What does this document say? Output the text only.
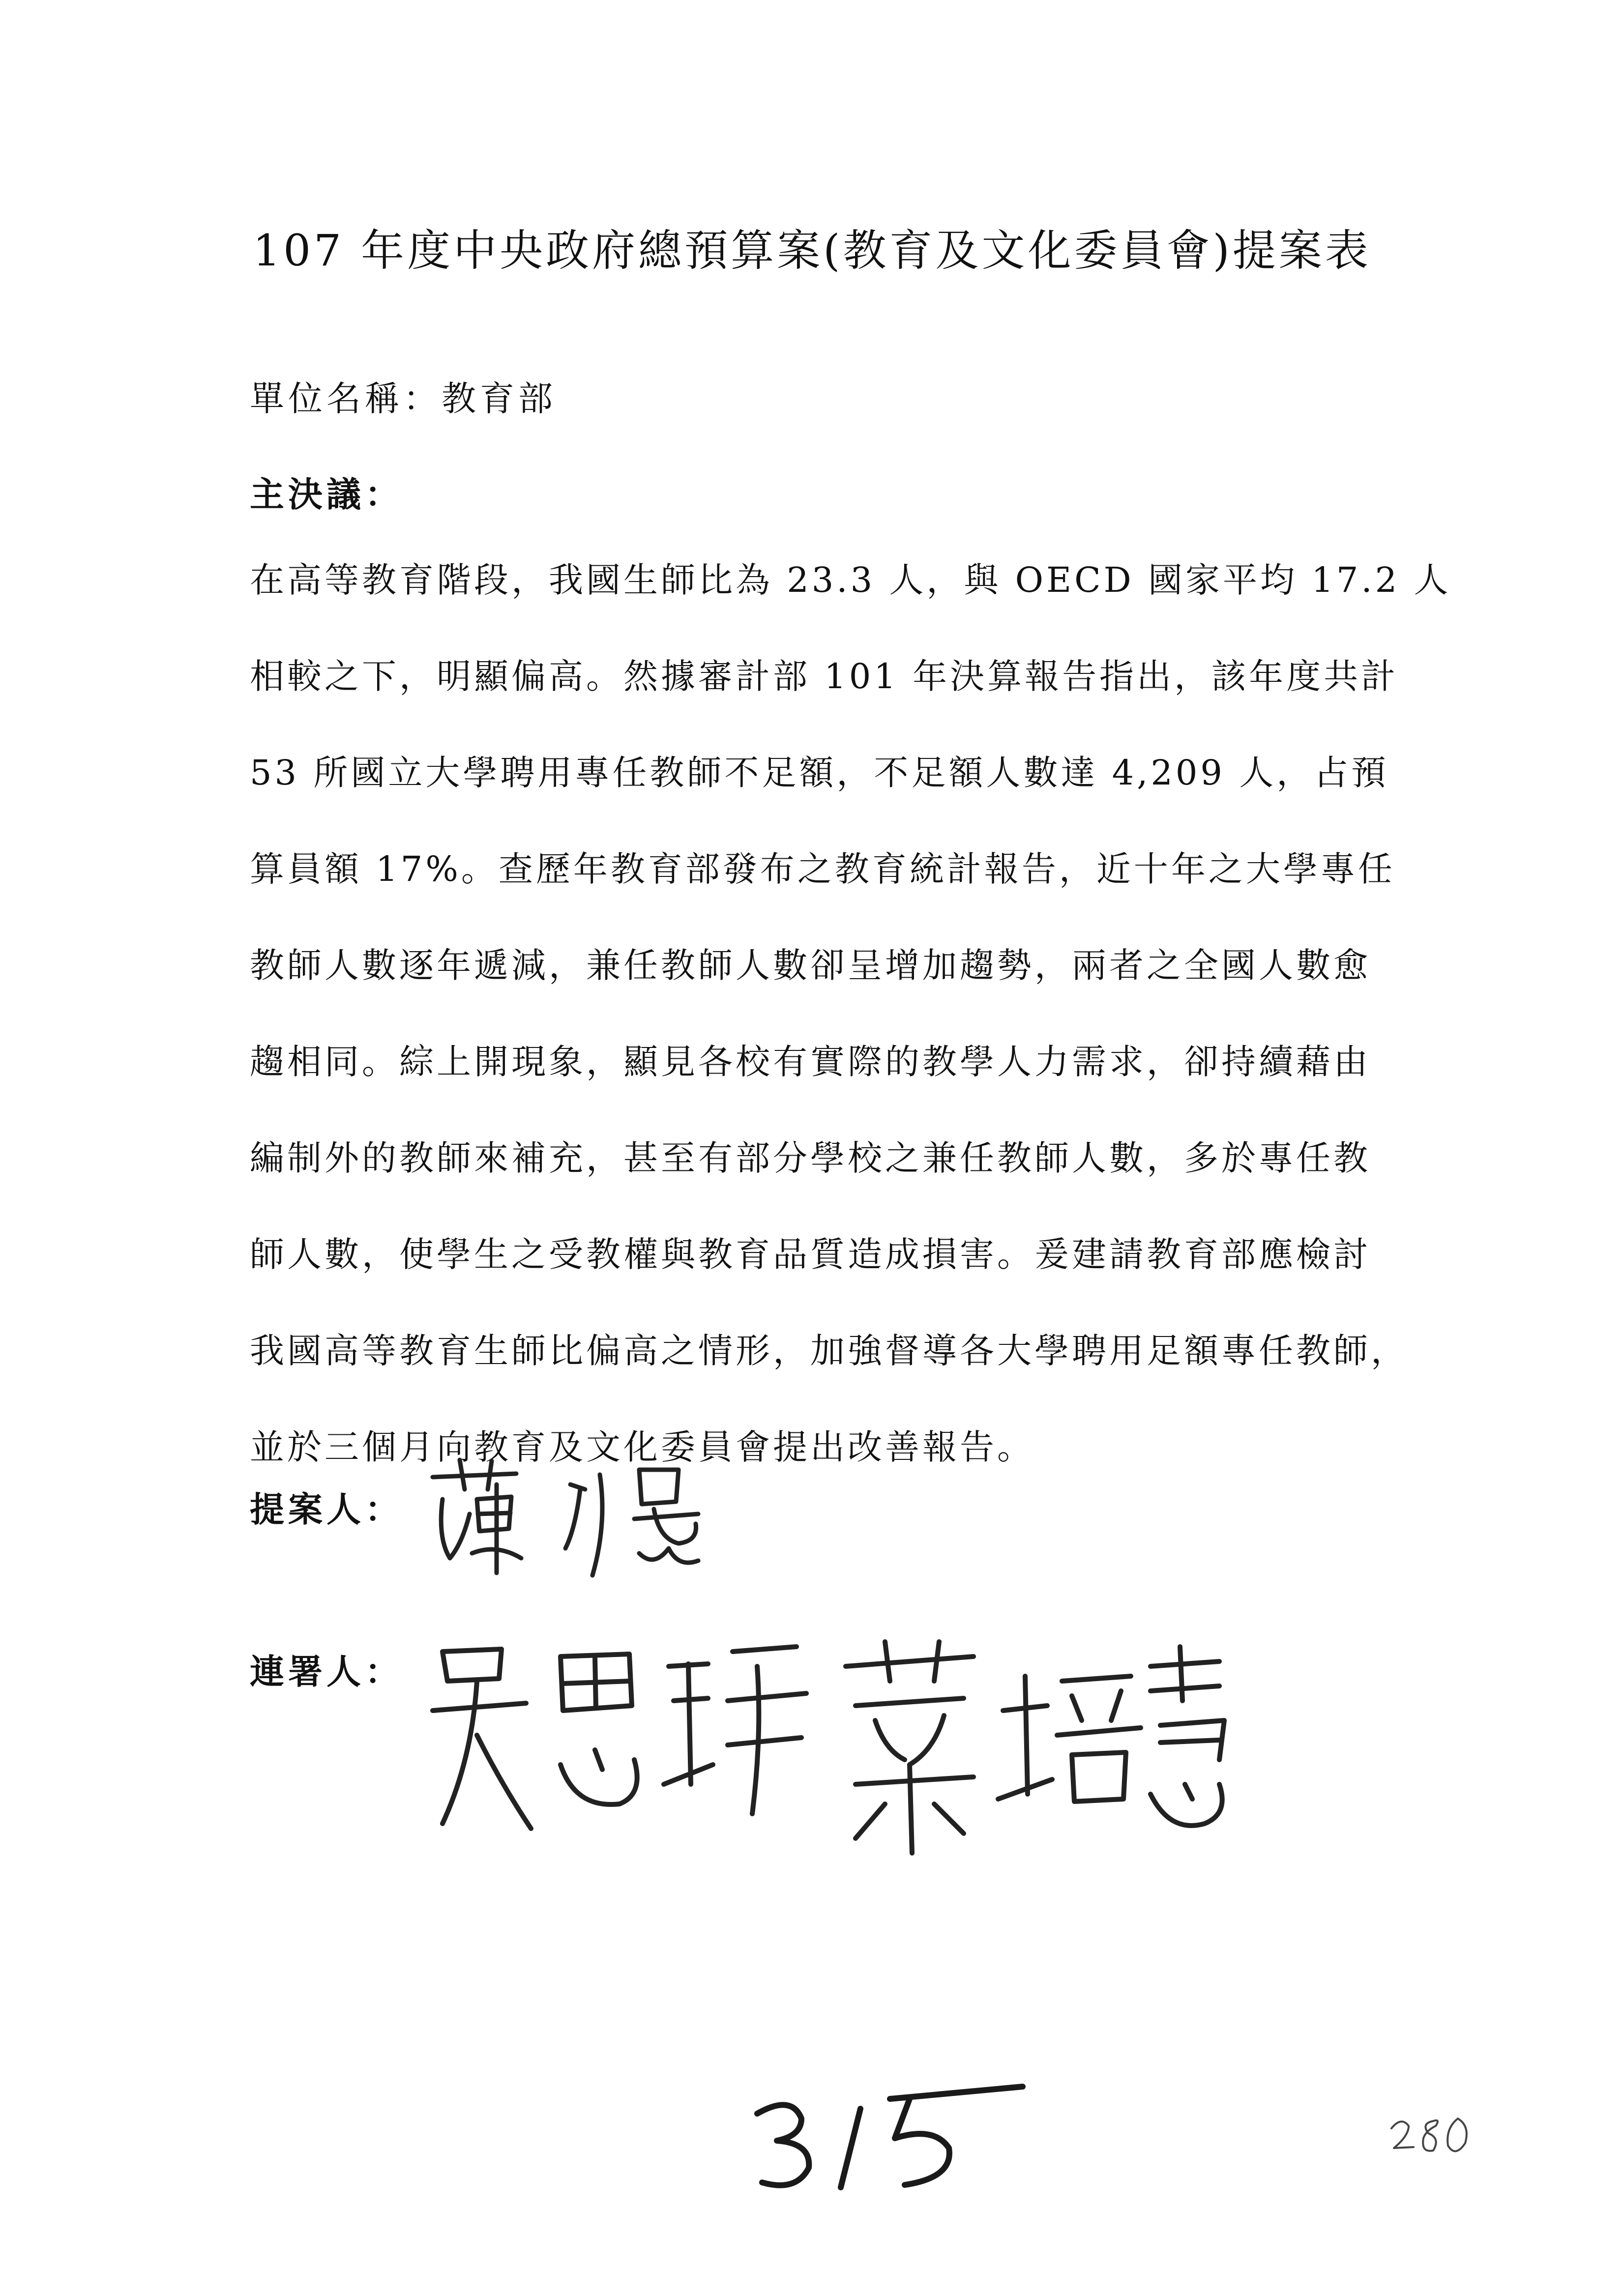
107 年度中央政府總預算案(教育及文化委員會)提案表
單位名稱：教育部
主決議：
在高等教育階段，我國生師比為 23.3 人，與 OECD 國家平均 17.2 人
相較之下，明顯偏高。然據審計部 101 年決算報告指出，該年度共計
53 所國立大學聘用專任教師不足額，不足額人數達 4,209 人，占預
算員額 17%。查歷年教育部發布之教育統計報告，近十年之大學專任
教師人數逐年遞減，兼任教師人數卻呈增加趨勢，兩者之全國人數愈
趨相同。綜上開現象，顯見各校有實際的教學人力需求，卻持續藉由
編制外的教師來補充，甚至有部分學校之兼任教師人數，多於專任教
師人數，使學生之受教權與教育品質造成損害。爰建請教育部應檢討
我國高等教育生師比偏高之情形，加強督導各大學聘用足額專任教師，
並於三個月向教育及文化委員會提出改善報告。
提案人：
連署人：
